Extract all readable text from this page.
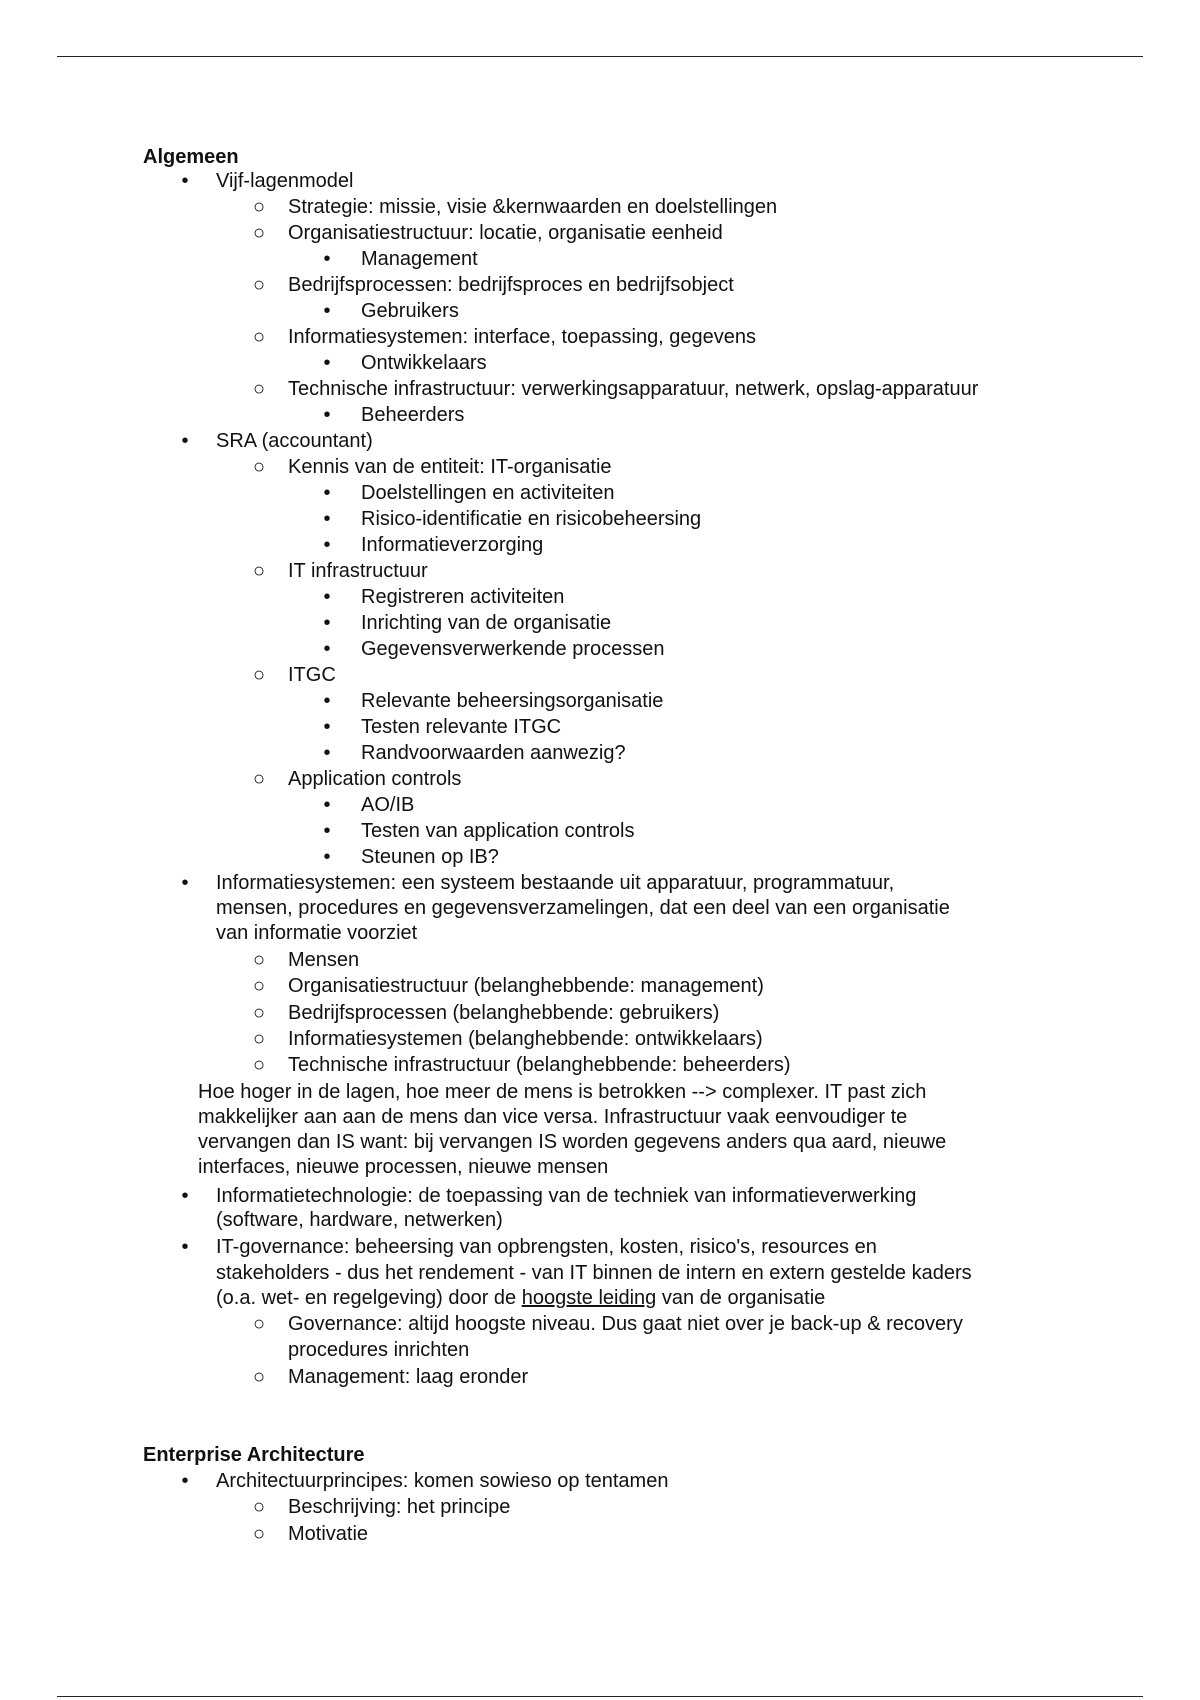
Algemeen
•	Vijf-lagenmodel
○ Strategie: missie, visie &kernwaarden en doelstellingen
○ Organisatiestructuur: locatie, organisatie eenheid
•	Management
○ Bedrijfsprocessen: bedrijfsproces en bedrijfsobject
•	Gebruikers
○ Informatiesystemen: interface, toepassing, gegevens
•	Ontwikkelaars
○ Technische infrastructuur: verwerkingsapparatuur, netwerk, opslag-apparatuur
•	Beheerders
•	SRA (accountant)
○ Kennis van de entiteit: IT-organisatie
•	Doelstellingen en activiteiten
•	Risico-identificatie en risicobeheersing
•	Informatieverzorging
○ IT infrastructuur
•	Registreren activiteiten
•	Inrichting van de organisatie
•	Gegevensverwerkende processen
○ ITGC
•	Relevante beheersingsorganisatie
•	Testen relevante ITGC
•	Randvoorwaarden aanwezig?
○ Application controls
•	AO/IB
•	Testen van application controls
•	Steunen op IB?
•	Informatiesystemen: een systeem bestaande uit apparatuur, programmatuur,
mensen, procedures en gegevensverzamelingen, dat een deel van een organisatie
van informatie voorziet
○ Mensen
○ Organisatiestructuur (belanghebbende: management)
○ Bedrijfsprocessen (belanghebbende: gebruikers)
○ Informatiesystemen (belanghebbende: ontwikkelaars)
○ Technische infrastructuur (belanghebbende: beheerders)
Hoe hoger in de lagen, hoe meer de mens is betrokken --> complexer. IT past zich
makkelijker aan aan de mens dan vice versa. Infrastructuur vaak eenvoudiger te
vervangen dan IS want: bij vervangen IS worden gegevens anders qua aard, nieuwe
interfaces, nieuwe processen, nieuwe mensen
•	Informatietechnologie: de toepassing van de techniek van informatieverwerking
(software, hardware, netwerken)
•	IT-governance: beheersing van opbrengsten, kosten, risico's, resources en
stakeholders - dus het rendement - van IT binnen de intern en extern gestelde kaders
(o.a. wet- en regelgeving) door de hoogste leiding van de organisatie
○ Governance: altijd hoogste niveau. Dus gaat niet over je back-up & recovery
procedures inrichten
○ Management: laag eronder
Enterprise Architecture
•	Architectuurprincipes: komen sowieso op tentamen
○ Beschrijving: het principe
○ Motivatie
